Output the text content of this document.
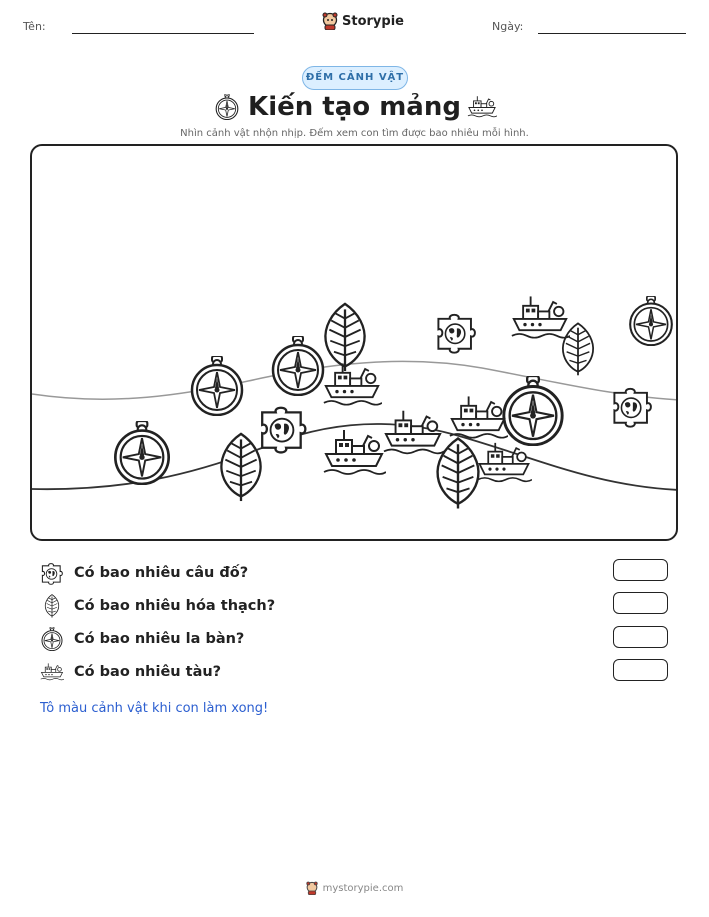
Tên:	Storypie	Ngày:
ĐẾM CẢNH VẬT
Kiến tạo mảng
Nhìn cảnh vật nhộn nhịp. Đếm xem con tìm được bao nhiêu mỗi hình.
Có bao nhiêu câu đố?
Có bao nhiêu hóa thạch?
Có bao nhiêu la bàn?
Có bao nhiêu tàu?
Tô màu cảnh vật khi con làm xong!
mystorypie.com
